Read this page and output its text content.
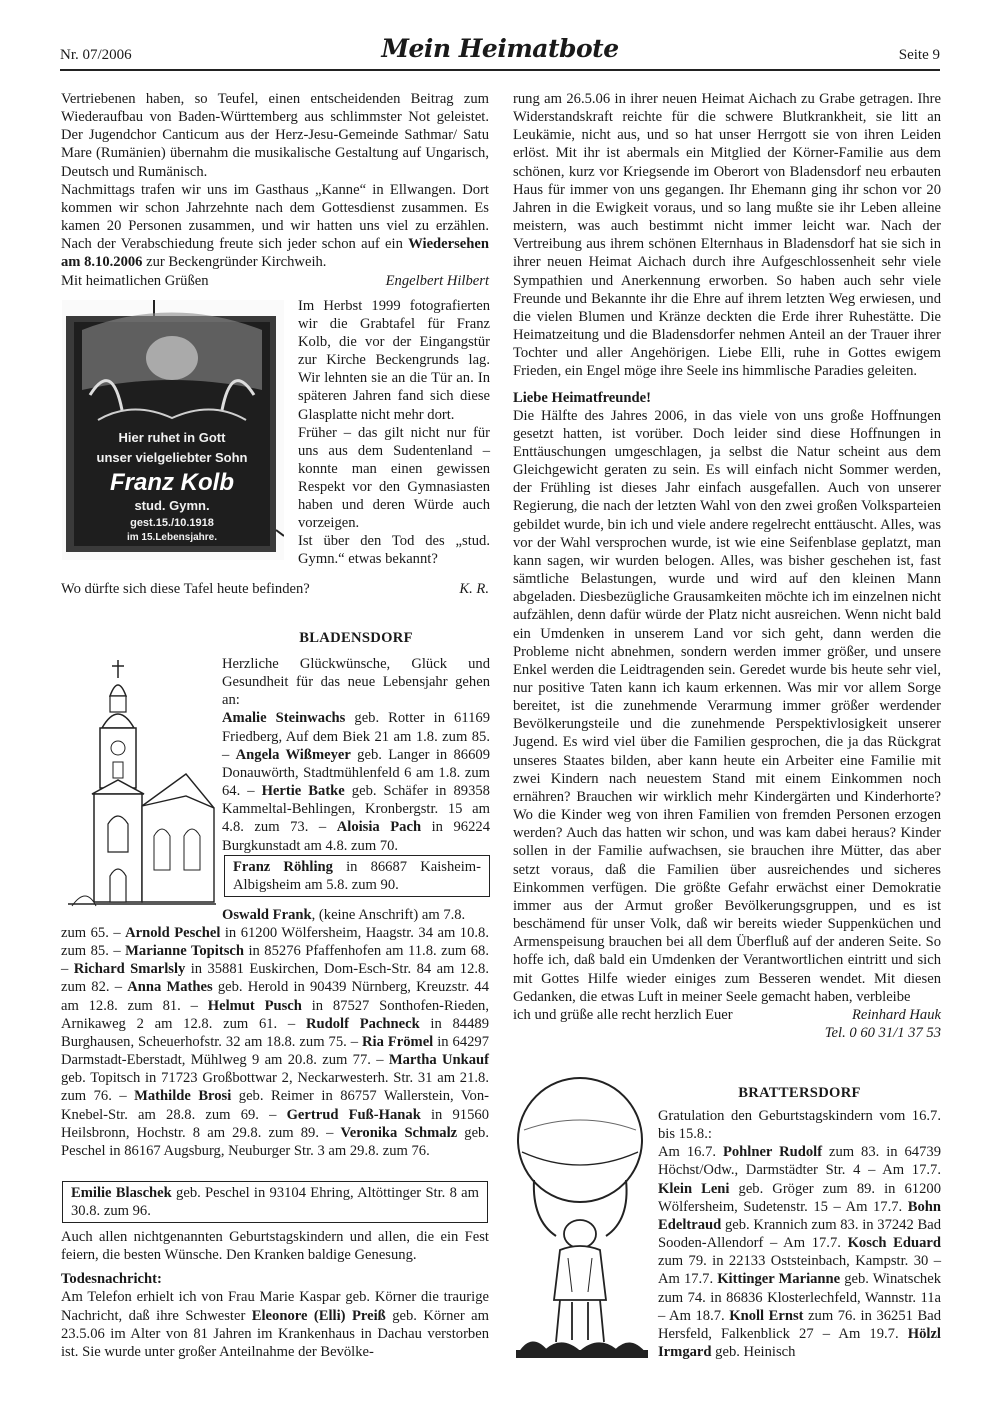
Nr. 07/2006	Mein Heimatbote	Seite 9

Vertriebenen haben, so Teufel, einen entscheidenden Beitrag zum Wiederaufbau von Baden-Württemberg aus schlimmster Not geleistet. Der Jugendchor Canticum aus der Herz-Jesu-Gemeinde Sathmar/ Satu Mare (Rumänien) übernahm die musikalische Gestaltung auf Ungarisch, Deutsch und Rumänisch.

Nachmittags trafen wir uns im Gasthaus „Kanne“ in Ellwangen. Dort kommen wir schon Jahrzehnte nach dem Gottesdienst zusammen. Es kamen 20 Personen zusammen, und wir hatten uns viel zu erzählen. Nach der Verabschiedung freute sich jeder schon auf ein Wiedersehen am 8.10.2006 zur Beckengründer Kirchweih.

Mit heimatlichen Grüßen	Engelbert Hilbert
Hier ruhet in Gott
unser vielgeliebter Sohn
Franz Kolb
stud. Gymn.
gest.15./10.1918
im 15.Lebensjahre.

Im Herbst 1999 fotografierten wir die Grabtafel für Franz Kolb, die vor der Eingangstür zur Kirche Beckengrunds lag. Wir lehnten sie an die Tür an. In späteren Jahren fand sich diese Glasplatte nicht mehr dort.

Früher – das gilt nicht nur für uns aus dem Sudentenland – konnte man einen gewissen Respekt vor den Gymnasiasten haben und deren Würde auch vorzeigen.

Ist über den Tod des „stud. Gymn.“ etwas bekannt?

Wo dürfte sich diese Tafel heute befinden?	K. R.
BLADENSDORF

Herzliche Glückwünsche, Glück und Gesundheit für das neue Lebensjahr gehen an:

Amalie Steinwachs geb. Rotter in 61169 Friedberg, Auf dem Biek 21 am 1.8. zum 85. – Angela Wißmeyer geb. Langer in 86609 Donauwörth, Stadtmühlenfeld 6 am 1.8. zum 64. – Hertie Batke geb. Schäfer in 89358 Kammeltal-Behlingen, Kronbergstr. 15 am 4.8. zum 73. – Aloisia Pach in 96224 Burgkunstadt am 4.8. zum 70.

Franz Röhling in 86687 Kaisheim-Albigsheim am 5.8. zum 90.
Oswald Frank, (keine Anschrift) am 7.8.
zum 65. – Arnold Peschel in 61200 Wölfersheim, Haagstr. 34 am 10.8. zum 85. – Marianne Topitsch in 85276 Pfaffenhofen am 11.8. zum 68. – Richard Smarlsly in 35881 Euskirchen, Dom-Esch-Str. 84 am 12.8. zum 82. – Anna Mathes geb. Herold in 90439 Nürnberg, Kreuzstr. 44 am 12.8. zum 81. – Helmut Pusch in 87527 Sonthofen-Rieden, Arnikaweg 2 am 12.8. zum 61. – Rudolf Pachneck in 84489 Burghausen, Scheuerhofstr. 32 am 18.8. zum 75. – Ria Frömel in 64297 Darmstadt-Eberstadt, Mühlweg 9 am 20.8. zum 77. – Martha Unkauf geb. Topitsch in 71723 Großbottwar 2, Neckarwesterh. Str. 31 am 21.8. zum 76. – Mathilde Brosi geb. Reimer in 86757 Wallerstein, Von-Knebel-Str. am 28.8. zum 69. – Gertrud Fuß-Hanak in 91560 Heilsbronn, Hochstr. 8 am 29.8. zum 89. – Veronika Schmalz geb. Peschel in 86167 Augsburg, Neuburger Str. 3 am 29.8. zum 76.
Emilie Blaschek geb. Peschel in 93104 Ehring, Altöttinger Str. 8 am 30.8. zum 96.

Auch allen nichtgenannten Geburtstagskindern und allen, die ein Fest feiern, die besten Wünsche. Den Kranken baldige Genesung.

Todesnachricht:

Am Telefon erhielt ich von Frau Marie Kaspar geb. Körner die traurige Nachricht, daß ihre Schwester Eleonore (Elli) Preiß geb. Körner am 23.5.06 im Alter von 81 Jahren im Krankenhaus in Dachau verstorben ist. Sie wurde unter großer Anteilnahme der Bevölke-

rung am 26.5.06 in ihrer neuen Heimat Aichach zu Grabe getragen. Ihre Widerstandskraft reichte für die schwere Blutkrankheit, sie litt an Leukämie, nicht aus, und so hat unser Herrgott sie von ihren Leiden erlöst. Mit ihr ist abermals ein Mitglied der Körner-Familie aus dem schönen, kurz vor Kriegsende im Oberort von Bladensdorf neu erbauten Haus für immer von uns gegangen. Ihr Ehemann ging ihr schon vor 20 Jahren in die Ewigkeit voraus, und so lang mußte sie ihr Leben alleine meistern, was auch bestimmt nicht immer leicht war. Nach der Vertreibung aus ihrem schönen Elternhaus in Bladensdorf hat sie sich in ihrer neuen Heimat Aichach durch ihre Aufgeschlossenheit sehr viele Sympathien und Anerkennung erworben. So haben auch sehr viele Freunde und Bekannte ihr die Ehre auf ihrem letzten Weg erwiesen, und die vielen Blumen und Kränze deckten die Erde ihrer Ruhestätte. Die Heimatzeitung und die Bladensdorfer nehmen Anteil an der Trauer ihrer Tochter und aller Angehörigen. Liebe Elli, ruhe in Gottes ewigem Frieden, ein Engel möge ihre Seele ins himmlische Paradies geleiten.

Liebe Heimatfreunde!

Die Hälfte des Jahres 2006, in das viele von uns große Hoffnungen gesetzt hatten, ist vorüber. Doch leider sind diese Hoffnungen in Enttäuschungen umgeschlagen, ja selbst die Natur scheint aus dem Gleichgewicht geraten zu sein. Es will einfach nicht Sommer werden, der Frühling ist dieses Jahr einfach ausgefallen. Auch von unserer Regierung, die nach der letzten Wahl von den zwei großen Volksparteien gebildet wurde, bin ich und viele andere regelrecht enttäuscht. Alles, was vor der Wahl versprochen wurde, ist wie eine Seifenblase geplatzt, man kann sagen, wir wurden belogen. Alles, was bisher geschehen ist, fast sämtliche Belastungen, wurde und wird auf den kleinen Mann abgeladen. Diesbezügliche Grausamkeiten möchte ich im einzelnen nicht aufzählen, denn dafür würde der Platz nicht ausreichen. Wenn nicht bald ein Umdenken in unserem Land vor sich geht, dann werden die Probleme nicht abnehmen, sondern werden immer größer, und unsere Enkel werden die Leidtragenden sein. Geredet wurde bis heute sehr viel, nur positive Taten kann ich kaum erkennen. Was mir vor allem Sorge bereitet, ist die zunehmende Verarmung immer größer werdender Bevölkerungsteile und die zunehmende Perspektivlosigkeit unserer Jugend. Es wird viel über die Familien gesprochen, die ja das Rückgrat unseres Staates bilden, aber kann heute ein Arbeiter eine Familie mit zwei Kindern nach neuestem Stand mit einem Einkommen noch ernähren? Brauchen wir wirklich mehr Kindergärten und Kinderhorte? Wo die Kinder weg von ihren Familien von fremden Personen erzogen werden? Auch das hatten wir schon, und was kam dabei heraus? Kinder sollen in der Familie aufwachsen, sie brauchen ihre Mütter, das aber setzt voraus, daß die Familien über ausreichendes und sicheres Einkommen verfügen. Die größte Gefahr erwächst einer Demokratie immer aus der Armut großer Bevölkerungsgruppen, und es ist beschämend für unser Volk, daß wir bereits wieder Suppenküchen und Armenspeisung brauchen bei all dem Überfluß auf der anderen Seite. So hoffe ich, daß bald ein Umdenken der Verantwortlichen eintritt und sich mit Gottes Hilfe wieder einiges zum Besseren wendet. Mit diesen Gedanken, die etwas Luft in meiner Seele gemacht haben, verbleibe

ich und grüße alle recht herzlich Euer	Reinhard Hauk
Tel. 0 60 31/1 37 53
BRATTERSDORF

Gratulation den Geburtstagskindern vom 16.7. bis 15.8.:

Am 16.7. Pohlner Rudolf zum 83. in 64739 Höchst/Odw., Darmstädter Str. 4 – Am 17.7. Klein Leni geb. Gröger zum 89. in 61200 Wölfersheim, Sudetenstr. 15 – Am 17.7. Bohn Edeltraud geb. Krannich zum 83. in 37242 Bad Sooden-Allendorf – Am 17.7. Kosch Eduard zum 79. in 22133 Oststeinbach, Kampstr. 30 – Am 17.7. Kittinger Marianne geb. Winatschek zum 74. in 86836 Klosterlechfeld, Wannstr. 11a – Am 18.7. Knoll Ernst zum 76. in 36251 Bad Hersfeld, Falkenblick 27 – Am 19.7. Hölzl Irmgard geb. Heinisch
